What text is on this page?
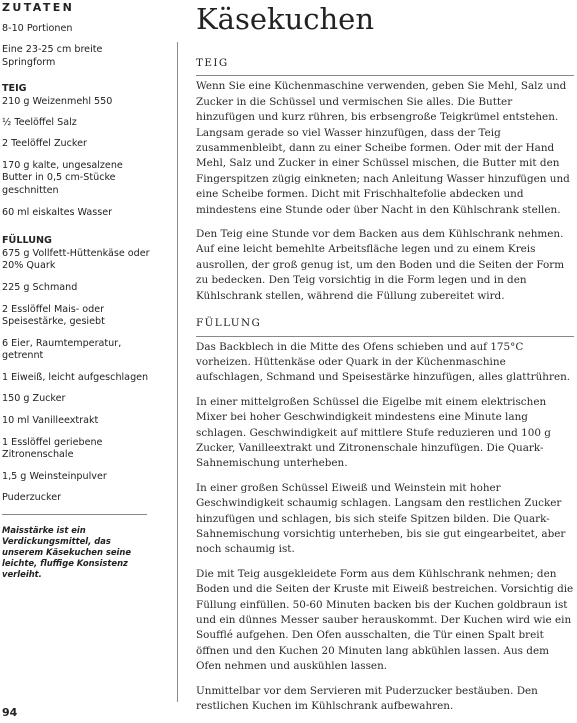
ZUTATEN

8-10 Portionen

Eine 23-25 cm breite Springform

TEIG

210 g Weizenmehl 550

½ Teelöffel Salz

2 Teelöffel Zucker

170 g kalte, ungesalzene Butter in 0,5 cm-Stücke geschnitten

60 ml eiskaltes Wasser

FÜLLUNG

675 g Vollfett-Hüttenkäse oder 20% Quark

225 g Schmand

2 Esslöffel Mais- oder Speisestärke, gesiebt

6 Eier, Raumtemperatur, getrennt

1 Eiweiß, leicht aufgeschlagen

150 g Zucker

10 ml Vanilleextrakt

1 Esslöffel geriebene Zitronenschale

1,5 g Weinsteinpulver

Puderzucker

Maisstärke ist ein Verdickungsmittel, das unserem Käsekuchen seine leichte, fluffige Konsistenz verleiht.

94
Käsekuchen
TEIG

Wenn Sie eine Küchenmaschine verwenden, geben Sie Mehl, Salz und Zucker in die Schüssel und vermischen Sie alles. Die Butter hinzufügen und kurz rühren, bis erbsengroße Teigkrümel entstehen. Langsam gerade so viel Wasser hinzufügen, dass der Teig zusammenbleibt, dann zu einer Scheibe formen. Oder mit der Hand Mehl, Salz und Zucker in einer Schüssel mischen, die Butter mit den Fingerspitzen zügig einkneten; nach Anleitung Wasser hinzufügen und eine Scheibe formen. Dicht mit Frischhaltefolie abdecken und mindestens eine Stunde oder über Nacht in den Kühlschrank stellen.

Den Teig eine Stunde vor dem Backen aus dem Kühlschrank nehmen. Auf eine leicht bemehlte Arbeitsfläche legen und zu einem Kreis ausrollen, der groß genug ist, um den Boden und die Seiten der Form zu bedecken. Den Teig vorsichtig in die Form legen und in den Kühlschrank stellen, während die Füllung zubereitet wird.

FÜLLUNG

Das Backblech in die Mitte des Ofens schieben und auf 175°C vorheizen. Hüttenkäse oder Quark in der Küchenmaschine aufschlagen, Schmand und Speisestärke hinzufügen, alles glattrühren.

In einer mittelgroßen Schüssel die Eigelbe mit einem elektrischen Mixer bei hoher Geschwindigkeit mindestens eine Minute lang schlagen. Geschwindigkeit auf mittlere Stufe reduzieren und 100 g Zucker, Vanilleextrakt und Zitronenschale hinzufügen. Die Quark-Sahnemischung unterheben.

In einer großen Schüssel Eiweiß und Weinstein mit hoher Geschwindigkeit schaumig schlagen. Langsam den restlichen Zucker hinzufügen und schlagen, bis sich steife Spitzen bilden. Die Quark-Sahnemischung vorsichtig unterheben, bis sie gut eingearbeitet, aber noch schaumig ist.

Die mit Teig ausgekleidete Form aus dem Kühlschrank nehmen; den Boden und die Seiten der Kruste mit Eiweiß bestreichen. Vorsichtig die Füllung einfüllen. 50-60 Minuten backen bis der Kuchen goldbraun ist und ein dünnes Messer sauber herauskommt. Der Kuchen wird wie ein Soufflé aufgehen. Den Ofen ausschalten, die Tür einen Spalt breit öffnen und den Kuchen 20 Minuten lang abkühlen lassen. Aus dem Ofen nehmen und auskühlen lassen.

Unmittelbar vor dem Servieren mit Puderzucker bestäuben. Den restlichen Kuchen im Kühlschrank aufbewahren.
